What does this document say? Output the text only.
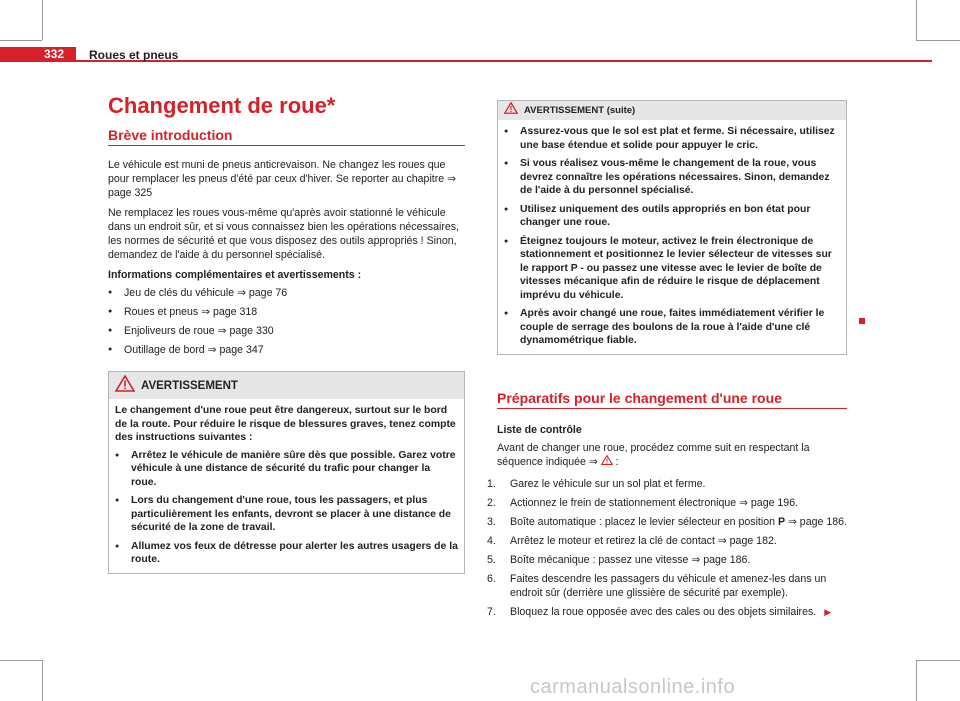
332	Roues et pneus
Changement de roue*
Brève introduction

Le véhicule est muni de pneus anticrevaison. Ne changez les roues que pour remplacer les pneus d'été par ceux d'hiver. Se reporter au chapitre ⇒ page 325

Ne remplacez les roues vous-même qu'après avoir stationné le véhicule dans un endroit sûr, et si vous connaissez bien les opérations nécessaires, les normes de sécurité et que vous disposez des outils appropriés ! Sinon, demandez de l'aide à du personnel spécialisé.

Informations complémentaires et avertissements :

● Jeu de clés du véhicule ⇒ page 76
● Roues et pneus ⇒ page 318
● Enjoliveurs de roue ⇒ page 330
● Outillage de bord ⇒ page 347
AVERTISSEMENT

Le changement d'une roue peut être dangereux, surtout sur le bord de la route. Pour réduire le risque de blessures graves, tenez compte des instructions suivantes :

● Arrêtez le véhicule de manière sûre dès que possible. Garez votre véhicule à une distance de sécurité du trafic pour changer la roue.
● Lors du changement d'une roue, tous les passagers, et plus particulièrement les enfants, devront se placer à une distance de sécurité de la zone de travail.
● Allumez vos feux de détresse pour alerter les autres usagers de la route.
AVERTISSEMENT (suite)
● Assurez-vous que le sol est plat et ferme. Si nécessaire, utilisez une base étendue et solide pour appuyer le cric.
● Si vous réalisez vous-même le changement de la roue, vous devrez connaître les opérations nécessaires. Sinon, demandez de l'aide à du personnel spécialisé.
● Utilisez uniquement des outils appropriés en bon état pour changer une roue.
● Éteignez toujours le moteur, activez le frein électronique de stationnement et positionnez le levier sélecteur de vitesses sur le rapport P - ou passez une vitesse avec le levier de boîte de vitesses mécanique afin de réduire le risque de déplacement imprévu du véhicule.
● Après avoir changé une roue, faites immédiatement vérifier le couple de serrage des boulons de la roue à l'aide d'une clé dynamométrique fiable.
Préparatifs pour le changement d'une roue

Liste de contrôle

Avant de changer une roue, procédez comme suit en respectant la séquence indiquée ⇒ :

1.	Garez le véhicule sur un sol plat et ferme.
2.	Actionnez le frein de stationnement électronique ⇒ page 196.
3.	Boîte automatique : placez le levier sélecteur en position P ⇒ page 186.
4.	Arrêtez le moteur et retirez la clé de contact ⇒ page 182.
5.	Boîte mécanique : passez une vitesse ⇒ page 186.
6.	Faites descendre les passagers du véhicule et amenez-les dans un endroit sûr (derrière une glissière de sécurité par exemple).
7.	Bloquez la roue opposée avec des cales ou des objets similaires. ▶
carmanualsonline.info
